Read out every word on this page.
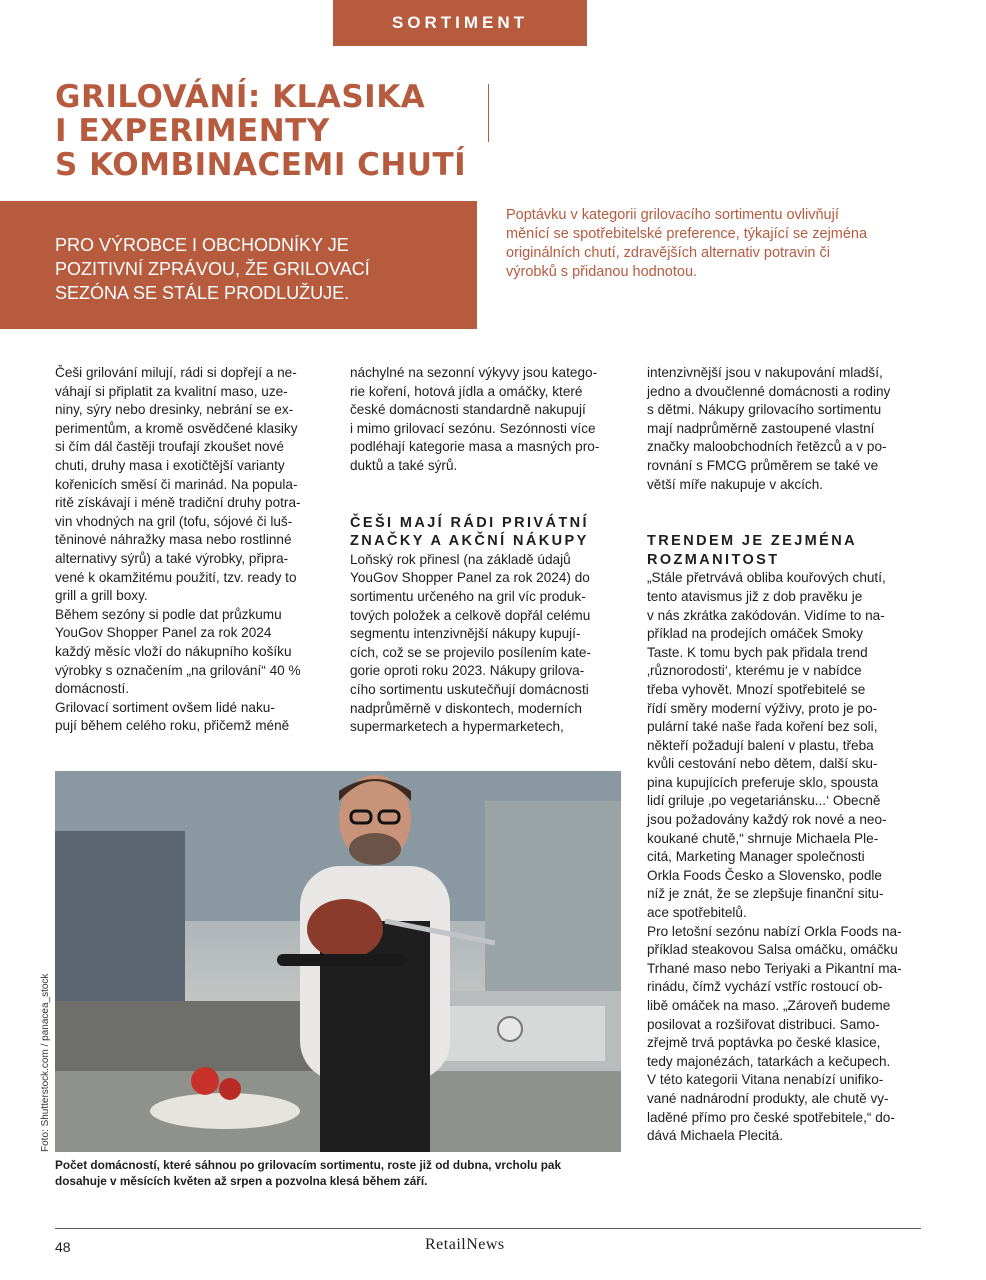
SORTIMENT
GRILOVÁNÍ: KLASIKA
I EXPERIMENTY
S KOMBINACEMI CHUTÍ
PRO VÝROBCE I OBCHODNÍKY JE
POZITIVNÍ ZPRÁVOU, ŽE GRILOVACÍ
SEZÓNA SE STÁLE PRODLUŽUJE.
Poptávku v kategorii grilovacího sortimentu ovlivňují
měnící se spotřebitelské preference, týkající se zejména
originálních chutí, zdravějších alternativ potravin či
výrobků s přidanou hodnotou.
Češi grilování milují, rádi si dopřejí a ne-
váhají si připlatit za kvalitní maso, uze-
niny, sýry nebo dresinky, nebrání se ex-
perimentům, a kromě osvědčené klasiky
si čím dál častěji troufají zkoušet nové
chuti, druhy masa i exotičtější varianty
kořenicích směsí či marinád. Na popula-
ritě získávají i méně tradiční druhy potra-
vin vhodných na gril (tofu, sójové či luš-
těninové náhražky masa nebo rostlinné
alternativy sýrů) a také výrobky, připra-
vené k okamžitému použití, tzv. ready to
grill a grill boxy.
Během sezóny si podle dat průzkumu
YouGov Shopper Panel za rok 2024
každý měsíc vloží do nákupního košíku
výrobky s označením „na grilování“ 40 %
domácností.
Grilovací sortiment ovšem lidé naku-
pují během celého roku, přičemž méně
náchylné na sezonní výkyvy jsou katego-
rie koření, hotová jídla a omáčky, které
české domácnosti standardně nakupují
i mimo grilovací sezónu. Sezónnosti více
podléhají kategorie masa a masných pro-
duktů a také sýrů.
ČEŠI MAJÍ RÁDI PRIVÁTNÍ
ZNAČKY A AKČNÍ NÁKUPY
Loňský rok přinesl (na základě údajů
YouGov Shopper Panel za rok 2024) do
sortimentu určeného na gril víc produk-
tových položek a celkově dopřál celému
segmentu intenzivnější nákupy kupují-
cích, což se se projevilo posílením kate-
gorie oproti roku 2023. Nákupy grilova-
cího sortimentu uskutečňují domácnosti
nadprůměrně v diskontech, moderních
supermarketech a hypermarketech,
intenzivnější jsou v nakupování mladší,
jedno a dvoučlenné domácnosti a rodiny
s dětmi. Nákupy grilovacího sortimentu
mají nadprůměrně zastoupené vlastní
značky maloobchodních řetězců a v po-
rovnání s FMCG průměrem se také ve
větší míře nakupuje v akcích.
TRENDEM JE ZEJMÉNA
ROZMANITOST
„Stále přetrvává obliba kouřových chutí,
tento atavismus již z dob pravěku je
v nás zkrátka zakódován. Vidíme to na-
příklad na prodejích omáček Smoky
Taste. K tomu bych pak přidala trend
‚různorodosti‘, kterému je v nabídce
třeba vyhovět. Mnozí spotřebitelé se
řídí směry moderní výživy, proto je po-
pulární také naše řada koření bez soli,
někteří požadují balení v plastu, třeba
kvůli cestování nebo dětem, další sku-
pina kupujících preferuje sklo, spousta
lidí griluje ‚po vegetariánsku...‘ Obecně
jsou požadovány každý rok nové a neo-
koukané chutě,“ shrnuje Michaela Ple-
citá, Marketing Manager společnosti
Orkla Foods Česko a Slovensko, podle
níž je znát, že se zlepšuje finanční situ-
ace spotřebitelů.
Pro letošní sezónu nabízí Orkla Foods na-
příklad steakovou Salsa omáčku, omáčku
Trhané maso nebo Teriyaki a Pikantní ma-
rinádu, čímž vychází vstříc rostoucí ob-
libě omáček na maso. „Zároveň budeme
posilovat a rozšiřovat distribuci. Samo-
zřejmě trvá poptávka po české klasice,
tedy majonézách, tatarkách a kečupech.
V této kategorii Vitana nenabízí unifiko-
vané nadnárodní produkty, ale chutě vy-
laděné přímo pro české spotřebitele,“ do-
dává Michaela Plecitá.
Foto: Shutterstock.com / panacea_stock
Počet domácností, které sáhnou po grilovacím sortimentu, roste již od dubna, vrcholu pak
dosahuje v měsících květen až srpen a pozvolna klesá během září.
48	RetailNews
